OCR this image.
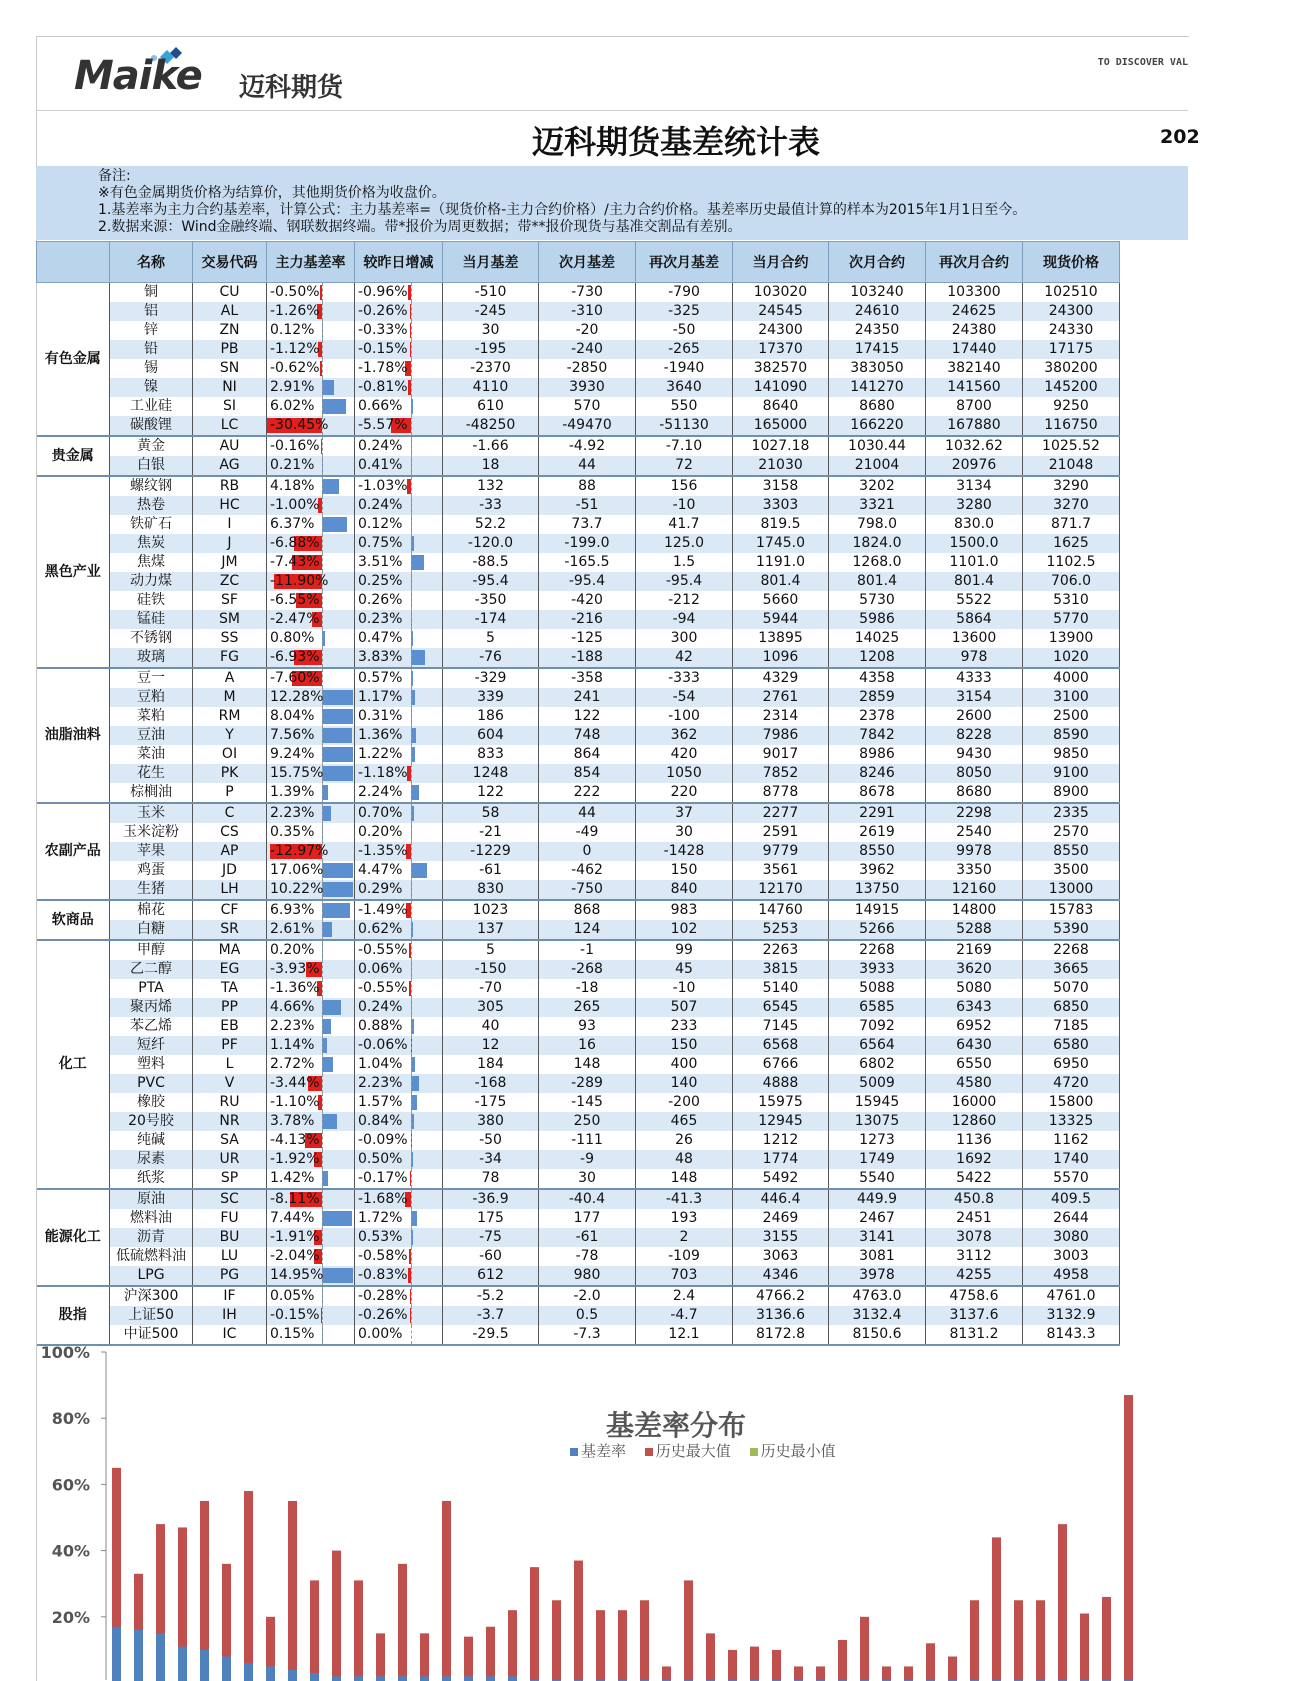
Maike 迈科期货
TO DISCOVER VAL
迈科期货基差统计表	202
备注:
※有色金属期货价格为结算价，其他期货价格为收盘价。
1.基差率为主力合约基差率，计算公式：主力基差率=（现货价格-主力合约价格）/主力合约价格。基差率历史最值计算的样本为2015年1月1日至今。
2.数据来源：Wind金融终端、钢联数据终端。带*报价为周更数据；带**报价现货与基准交割品有差别。
	名称	交易代码	主力基差率	较昨日增减	当月基差	次月基差	再次月基差	当月合约	次月合约	再次月合约	现货价格
有色金属	铜	CU	-0.50%	-0.96%	-510	-730	-790	103020	103240	103300	102510
	铝	AL	-1.26%	-0.26%	-245	-310	-325	24545	24610	24625	24300
	锌	ZN	0.12%	-0.33%	30	-20	-50	24300	24350	24380	24330
	铅	PB	-1.12%	-0.15%	-195	-240	-265	17370	17415	17440	17175
	锡	SN	-0.62%	-1.78%	-2370	-2850	-1940	382570	383050	382140	380200
	镍	NI	2.91%	-0.81%	4110	3930	3640	141090	141270	141560	145200
	工业硅	SI	6.02%	0.66%	610	570	550	8640	8680	8700	9250
	碳酸锂	LC	-30.45%	-5.57%	-48250	-49470	-51130	165000	166220	167880	116750
贵金属	黄金	AU	-0.16%	0.24%	-1.66	-4.92	-7.10	1027.18	1030.44	1032.62	1025.52
	白银	AG	0.21%	0.41%	18	44	72	21030	21004	20976	21048
黑色产业	螺纹钢	RB	4.18%	-1.03%	132	88	156	3158	3202	3134	3290
	热卷	HC	-1.00%	0.24%	-33	-51	-10	3303	3321	3280	3270
	铁矿石	I	6.37%	0.12%	52.2	73.7	41.7	819.5	798.0	830.0	871.7
	焦炭	J	-6.88%	0.75%	-120.0	-199.0	125.0	1745.0	1824.0	1500.0	1625
	焦煤	JM	-7.43%	3.51%	-88.5	-165.5	1.5	1191.0	1268.0	1101.0	1102.5
	动力煤	ZC	-11.90%	0.25%	-95.4	-95.4	-95.4	801.4	801.4	801.4	706.0
	硅铁	SF	-6.55%	0.26%	-350	-420	-212	5660	5730	5522	5310
	锰硅	SM	-2.47%	0.23%	-174	-216	-94	5944	5986	5864	5770
	不锈钢	SS	0.80%	0.47%	5	-125	300	13895	14025	13600	13900
	玻璃	FG	-6.93%	3.83%	-76	-188	42	1096	1208	978	1020
油脂油料	豆一	A	-7.60%	0.57%	-329	-358	-333	4329	4358	4333	4000
	豆粕	M	12.28%	1.17%	339	241	-54	2761	2859	3154	3100
	菜粕	RM	8.04%	0.31%	186	122	-100	2314	2378	2600	2500
	豆油	Y	7.56%	1.36%	604	748	362	7986	7842	8228	8590
	菜油	OI	9.24%	1.22%	833	864	420	9017	8986	9430	9850
	花生	PK	15.75%	-1.18%	1248	854	1050	7852	8246	8050	9100
	棕榈油	P	1.39%	2.24%	122	222	220	8778	8678	8680	8900
农副产品	玉米	C	2.23%	0.70%	58	44	37	2277	2291	2298	2335
	玉米淀粉	CS	0.35%	0.20%	-21	-49	30	2591	2619	2540	2570
	苹果	AP	-12.97%	-1.35%	-1229	0	-1428	9779	8550	9978	8550
	鸡蛋	JD	17.06%	4.47%	-61	-462	150	3561	3962	3350	3500
	生猪	LH	10.22%	0.29%	830	-750	840	12170	13750	12160	13000
软商品	棉花	CF	6.93%	-1.49%	1023	868	983	14760	14915	14800	15783
	白糖	SR	2.61%	0.62%	137	124	102	5253	5266	5288	5390
化工	甲醇	MA	0.20%	-0.55%	5	-1	99	2263	2268	2169	2268
	乙二醇	EG	-3.93%	0.06%	-150	-268	45	3815	3933	3620	3665
	PTA	TA	-1.36%	-0.55%	-70	-18	-10	5140	5088	5080	5070
	聚丙烯	PP	4.66%	0.24%	305	265	507	6545	6585	6343	6850
	苯乙烯	EB	2.23%	0.88%	40	93	233	7145	7092	6952	7185
	短纤	PF	1.14%	-0.06%	12	16	150	6568	6564	6430	6580
	塑料	L	2.72%	1.04%	184	148	400	6766	6802	6550	6950
	PVC	V	-3.44%	2.23%	-168	-289	140	4888	5009	4580	4720
	橡胶	RU	-1.10%	1.57%	-175	-145	-200	15975	15945	16000	15800
	20号胶	NR	3.78%	0.84%	380	250	465	12945	13075	12860	13325
	纯碱	SA	-4.13%	-0.09%	-50	-111	26	1212	1273	1136	1162
	尿素	UR	-1.92%	0.50%	-34	-9	48	1774	1749	1692	1740
	纸浆	SP	1.42%	-0.17%	78	30	148	5492	5540	5422	5570
能源化工	原油	SC	-8.11%	-1.68%	-36.9	-40.4	-41.3	446.4	449.9	450.8	409.5
	燃料油	FU	7.44%	1.72%	175	177	193	2469	2467	2451	2644
	沥青	BU	-1.91%	0.53%	-75	-61	2	3155	3141	3078	3080
	低硫燃料油	LU	-2.04%	-0.58%	-60	-78	-109	3063	3081	3112	3003
	LPG	PG	14.95%	-0.83%	612	980	703	4346	3978	4255	4958
股指	沪深300	IF	0.05%	-0.28%	-5.2	-2.0	2.4	4766.2	4763.0	4758.6	4761.0
	上证50	IH	-0.15%	-0.26%	-3.7	0.5	-4.7	3136.6	3132.4	3137.6	3132.9
	中证500	IC	0.15%	0.00%	-29.5	-7.3	12.1	8172.8	8150.6	8131.2	8143.3
基差率分布
基差率 历史最大值 历史最小值
100%
80%
60%
40%
20%
